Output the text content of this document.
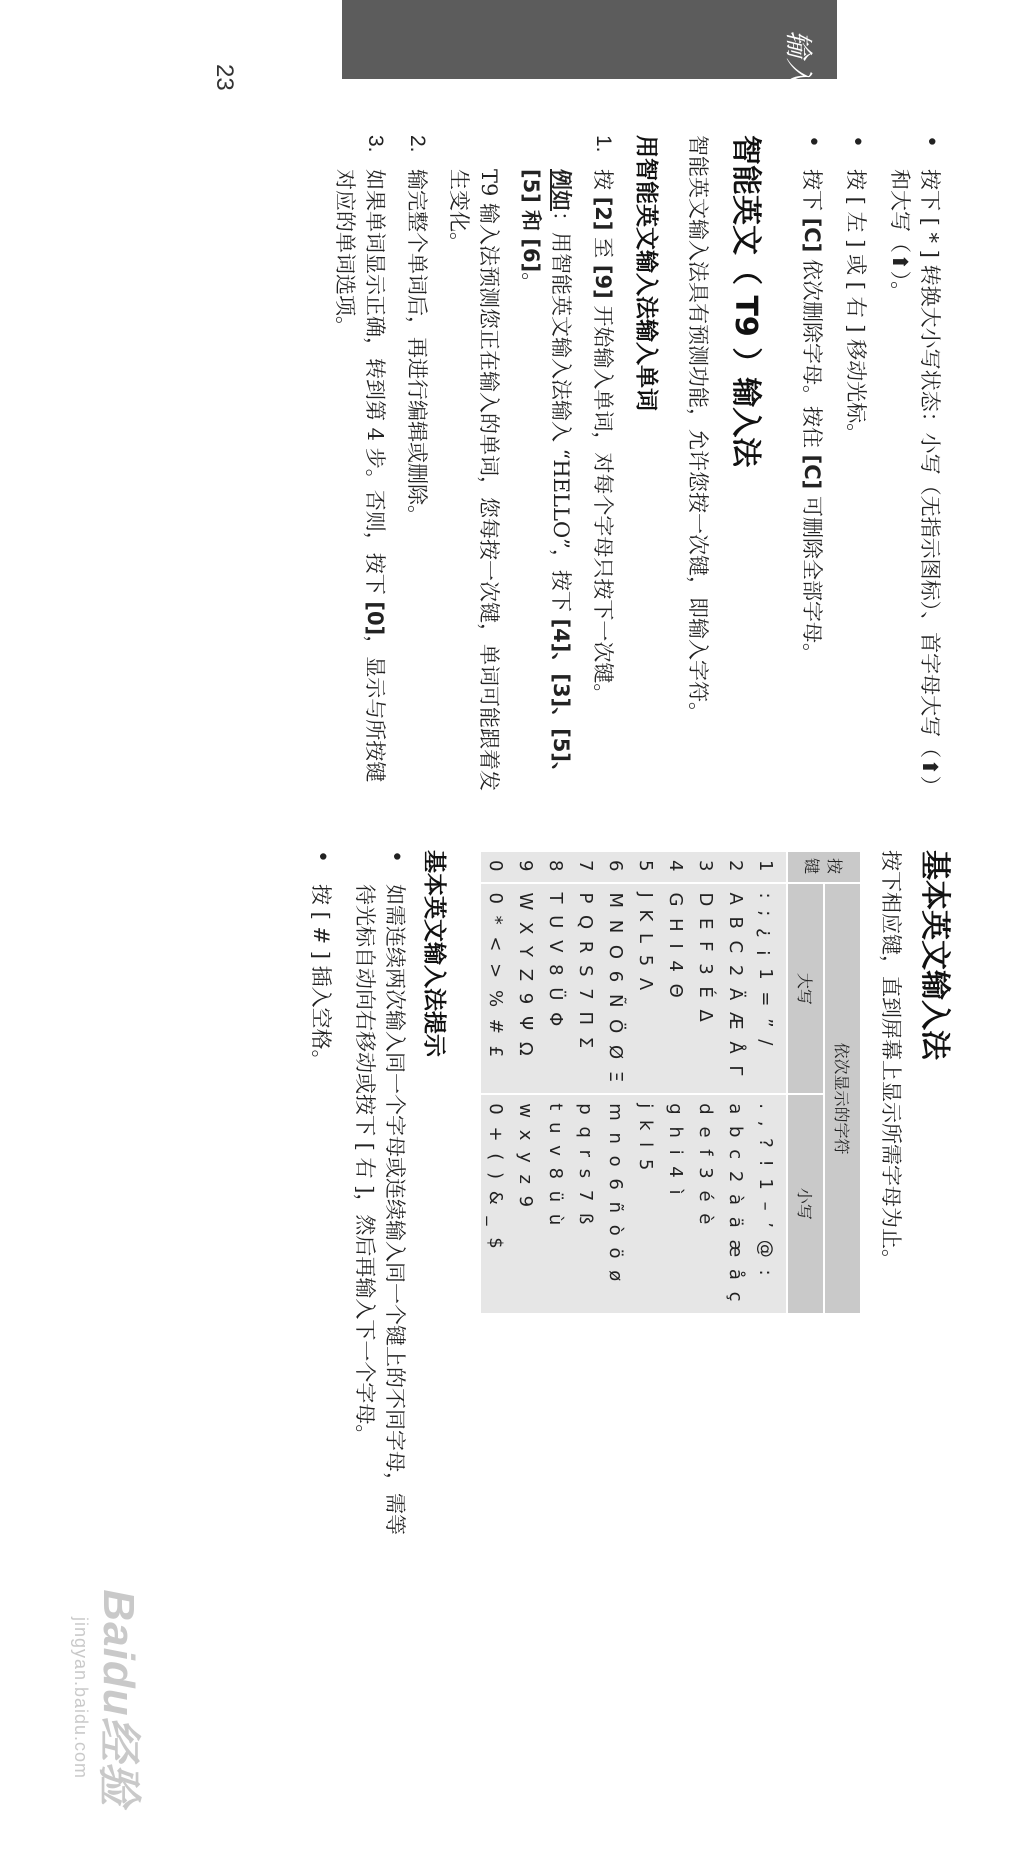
输入文本
23
• 按下 [ * ] 转换大小写状态：小写（无指示图标）、首字母大写（⬆）和大写（⬆）。
• 按 [ 左 ] 或 [ 右 ] 移动光标。
• 按下 [C] 依次删除字母。按住 [C] 可删除全部字母。
智能英文（ T9 ）输入法
智能英文输入法具有预测功能，允许您按一次键，即输入字符。
用智能英文输入法输入单词
1.
按 [2] 至 [9] 开始输入单词，对每个字母只按下一次键。
例如：用智能英文输入法输入 “HELLO”，按下 [4]、[3]、[5]、[5] 和 [6]。
T9 输入法预测您正在输入的单词，您每按一次键，单词可能跟着发生变化。
2.
输完整个单词后，再进行编辑或删除。
3.
如果单词显示正确，转到第 4 步。否则，按下 [0]，显示与所按键对应的单词选项。
基本英文输入法
按下相应键，直到屏幕上显示所需字母为止。
按键	依次显示的字符	
	大写	小写
1	: ; ¿ ¡ 1 = ” /	. , ? ! 1 – ’ @ :
2	A B C 2 Ä Æ Å Γ	a b c 2 à ä æ å ç
3	D E F 3 É Δ	d e f 3 é è
4	G H I 4 Θ	g h i 4 ì
5	J K L 5 Λ	j k l 5
6	M N O 6 Ñ Ö Ø Ξ	m n o 6 ñ ò ö ø
7	P Q R S 7 Π Σ	p q r s 7 ß
8	T U V 8 Ü Φ	t u v 8 ü ù
9	W X Y Z 9 Ψ Ω	w x y z 9
0	0 * < > % # £	0 + ( ) & _ $
基本英文输入法提示
• 如需连续两次输入同一个字母或连续输入同一个键上的不同字母，需等待光标自动向右移动或按下 [ 右 ]，然后再输入下一个字母。
• 按 [ # ] 插入空格。
Baidu经验
jingyan.baidu.com
